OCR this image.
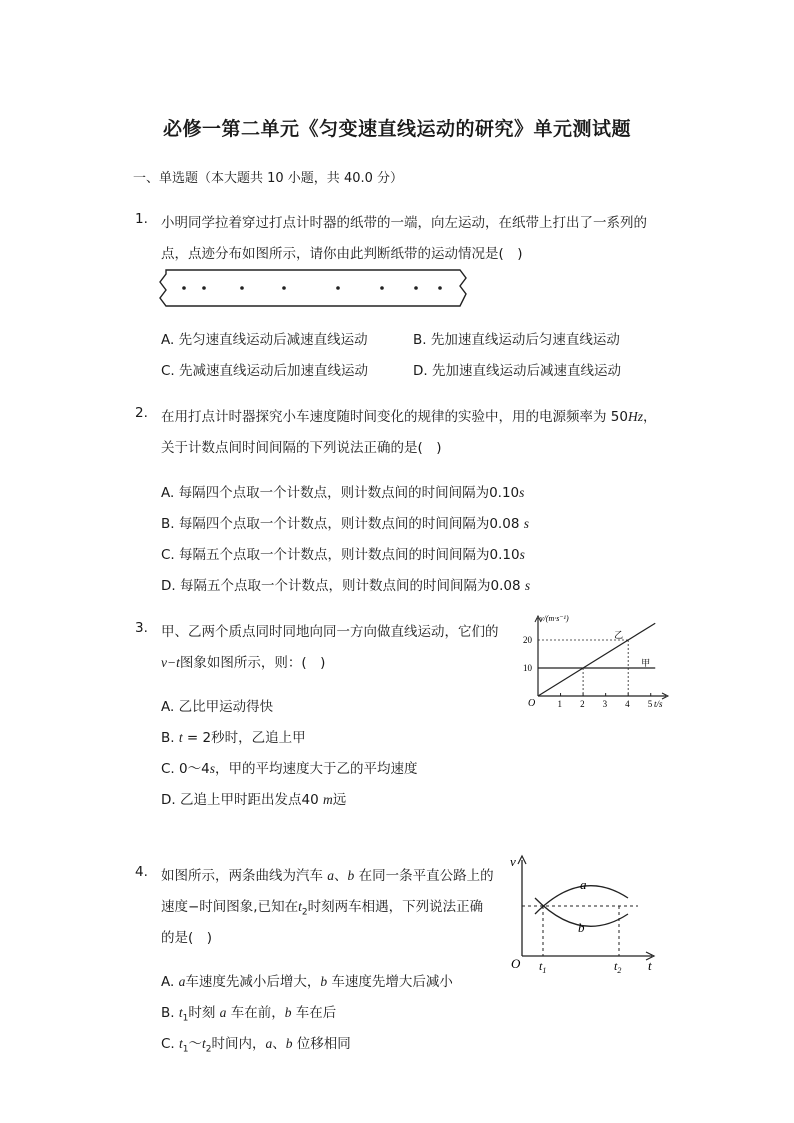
必修一第二单元《匀变速直线运动的研究》单元测试题
一、单选题（本大题共 10 小题，共 40.0 分）
1. 小明同学拉着穿过打点计时器的纸带的一端，向左运动，在纸带上打出了一系列的
点，点迹分布如图所示，请你由此判断纸带的运动情况是(　)
A. 先匀速直线运动后减速直线运动	B. 先加速直线运动后匀速直线运动
C. 先减速直线运动后加速直线运动	D. 先加速直线运动后减速直线运动
2. 在用打点计时器探究小车速度随时间变化的规律的实验中，用的电源频率为 50Hz，
关于计数点间时间间隔的下列说法正确的是(　)
A. 每隔四个点取一个计数点，则计数点间的时间间隔为0.10s
B. 每隔四个点取一个计数点，则计数点间的时间间隔为0.08 s
C. 每隔五个点取一个计数点，则计数点间的时间间隔为0.10s
D. 每隔五个点取一个计数点，则计数点间的时间间隔为0.08 s
3. 甲、乙两个质点同时同地向同一方向做直线运动，它们的
v−t图象如图所示，则：(　)
v/(m·s⁻¹)
t/s
O 1 2 3 4 5
10
20
甲
乙
A. 乙比甲运动得快
B. t = 2秒时，乙追上甲
C. 0～4s，甲的平均速度大于乙的平均速度
D. 乙追上甲时距出发点40 m远
4. 如图所示，两条曲线为汽车 a、b 在同一条平直公路上的
速度−时间图象,已知在$t_2$时刻两车相遇，下列说法正确
的是(　)
v
t
O
a
b
$t_1$	$t_2$
A. a车速度先减小后增大，b 车速度先增大后减小
B. $t_1$时刻 a 车在前，b 车在后
C. $t_1\sim t_2$时间内，a、b 位移相同
